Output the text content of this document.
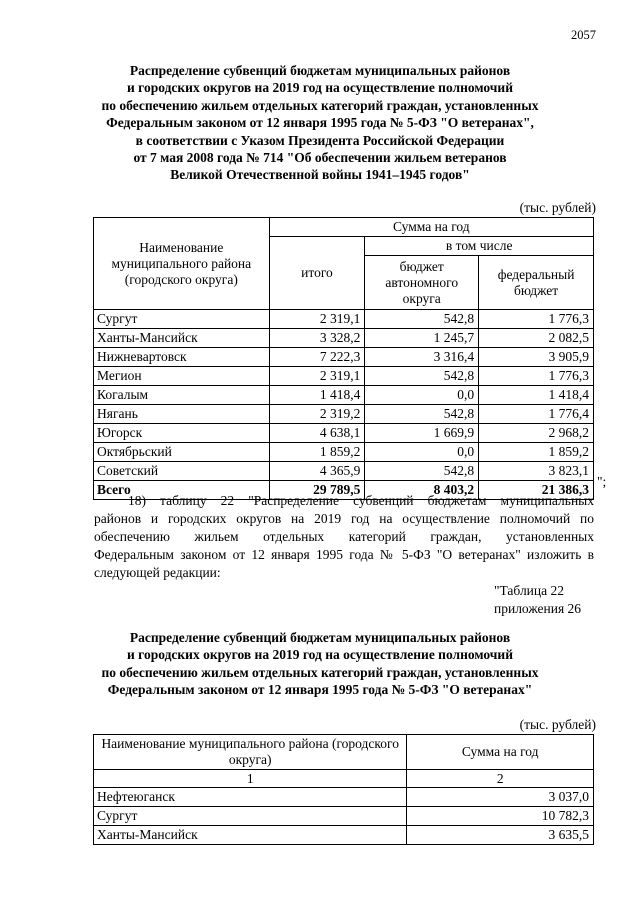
2057
Распределение субвенций бюджетам муниципальных районов
и городских округов на 2019 год на осуществление полномочий
по обеспечению жильем отдельных категорий граждан, установленных
Федеральным законом от 12 января 1995 года № 5-ФЗ "О ветеранах",
в соответствии с Указом Президента Российской Федерации
от 7 мая 2008 года № 714 "Об обеспечении жильем ветеранов
Великой Отечественной войны 1941–1945 годов"
(тыс. рублей)
Наименование муниципального района (городского округа)	Сумма на год		
	итого	в том числе	
		бюджет автономного округа	федеральный бюджет
Сургут	2 319,1	542,8	1 776,3
Ханты-Мансийск	3 328,2	1 245,7	2 082,5
Нижневартовск	7 222,3	3 316,4	3 905,9
Мегион	2 319,1	542,8	1 776,3
Когалым	1 418,4	0,0	1 418,4
Нягань	2 319,2	542,8	1 776,4
Югорск	4 638,1	1 669,9	2 968,2
Октябрьский	1 859,2	0,0	1 859,2
Советский	4 365,9	542,8	3 823,1
Всего	29 789,5	8 403,2	21 386,3
";
18) таблицу 22 "Распределение субвенций бюджетам муниципальных
районов и городских округов на 2019 год на осуществление полномочий по
обеспечению жильем отдельных категорий граждан, установленных
Федеральным законом от 12 января 1995 года № 5-ФЗ "О ветеранах" изложить в
следующей редакции:
"Таблица 22
приложения 26
Распределение субвенций бюджетам муниципальных районов
и городских округов на 2019 год на осуществление полномочий
по обеспечению жильем отдельных категорий граждан, установленных
Федеральным законом от 12 января 1995 года № 5-ФЗ "О ветеранах"
(тыс. рублей)
Наименование муниципального района (городского округа)	Сумма на год
1	2
Нефтеюганск	3 037,0
Сургут	10 782,3
Ханты-Мансийск	3 635,5
